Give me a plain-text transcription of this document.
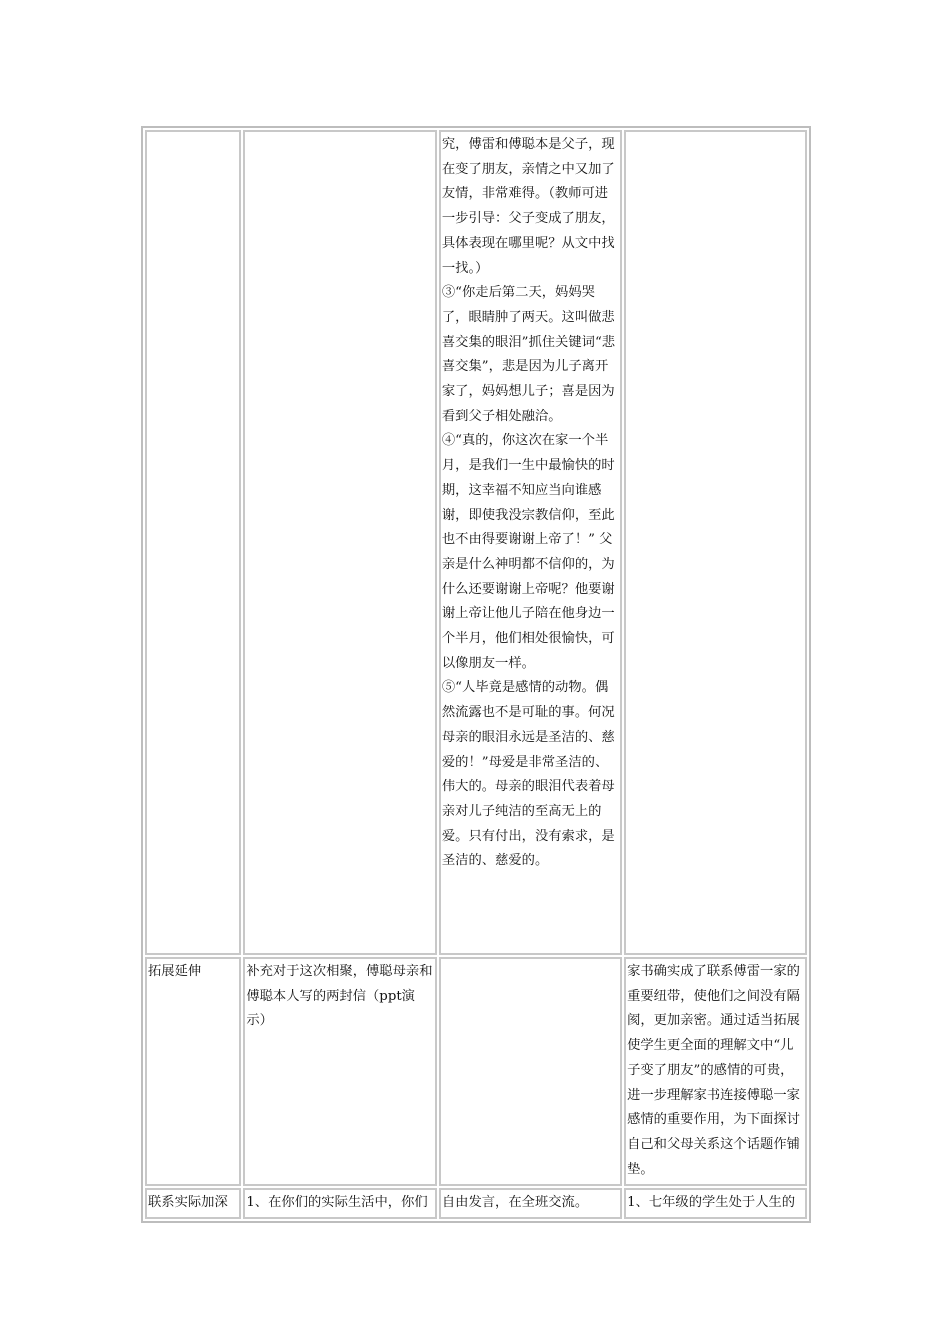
		究，傅雷和傅聪本是父子，现在变了朋友，亲情之中又加了友情，非常难得。（教师可进一步引导：父子变成了朋友，具体表现在哪里呢？从文中找一找。）

③“你走后第二天，妈妈哭了，眼睛肿了两天。这叫做悲喜交集的眼泪”抓住关键词“悲喜交集”，悲是因为儿子离开家了，妈妈想儿子；喜是因为看到父子相处融洽。

④“真的，你这次在家一个半月，是我们一生中最愉快的时期，这幸福不知应当向谁感谢，即使我没宗教信仰，至此也不由得要谢谢上帝了！” 父亲是什么神明都不信仰的，为什么还要谢谢上帝呢？他要谢谢上帝让他儿子陪在他身边一个半月，他们相处很愉快，可以像朋友一样。

⑤“人毕竟是感情的动物。偶然流露也不是可耻的事。何况母亲的眼泪永远是圣洁的、慈爱的！”母爱是非常圣洁的、伟大的。母亲的眼泪代表着母亲对儿子纯洁的至高无上的爱。只有付出，没有索求，是圣洁的、慈爱的。	

拓展延伸	补充对于这次相聚，傅聪母亲和傅聪本人写的两封信（ppt演示）		家书确实成了联系傅雷一家的重要纽带，使他们之间没有隔阂，更加亲密。通过适当拓展使学生更全面的理解文中“儿子变了朋友”的感情的可贵，进一步理解家书连接傅聪一家感情的重要作用，为下面探讨自己和父母关系这个话题作铺垫。
联系实际加深	1、在你们的实际生活中，你们	自由发言，在全班交流。	1、七年级的学生处于人生的
